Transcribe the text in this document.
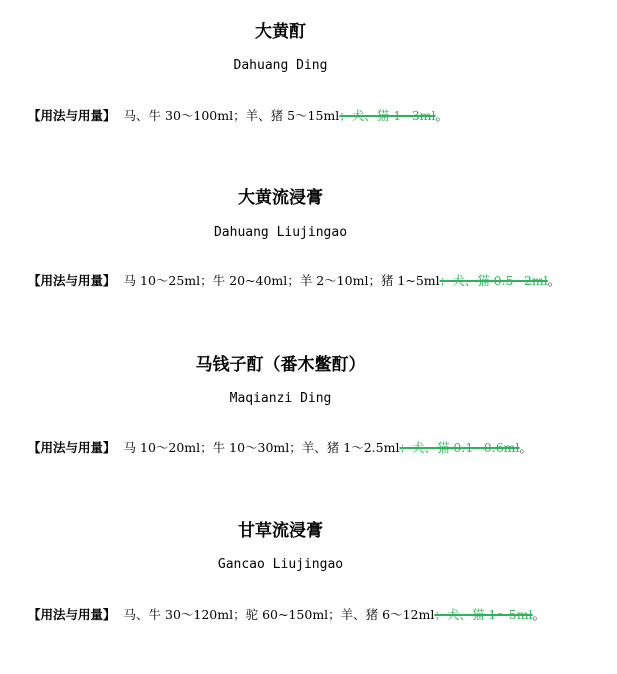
大黄酊
Dahuang Ding
【用法与用量】 马、牛 30～100ml；羊、猪 5～15ml；犬、猫 1~3ml。
大黄流浸膏
Dahuang Liujingao
【用法与用量】 马 10～25ml；牛 20~40ml；羊 2～10ml；猪 1~5ml；犬、猫 0.5~2ml。
马钱子酊（番木鳖酊）
Maqianzi Ding
【用法与用量】 马 10～20ml；牛 10～30ml；羊、猪 1～2.5ml；犬、猫 0.1~0.6ml。
甘草流浸膏
Gancao Liujingao
【用法与用量】 马、牛 30～120ml；驼 60~150ml；羊、猪 6～12ml；犬、猫 1～5ml。
